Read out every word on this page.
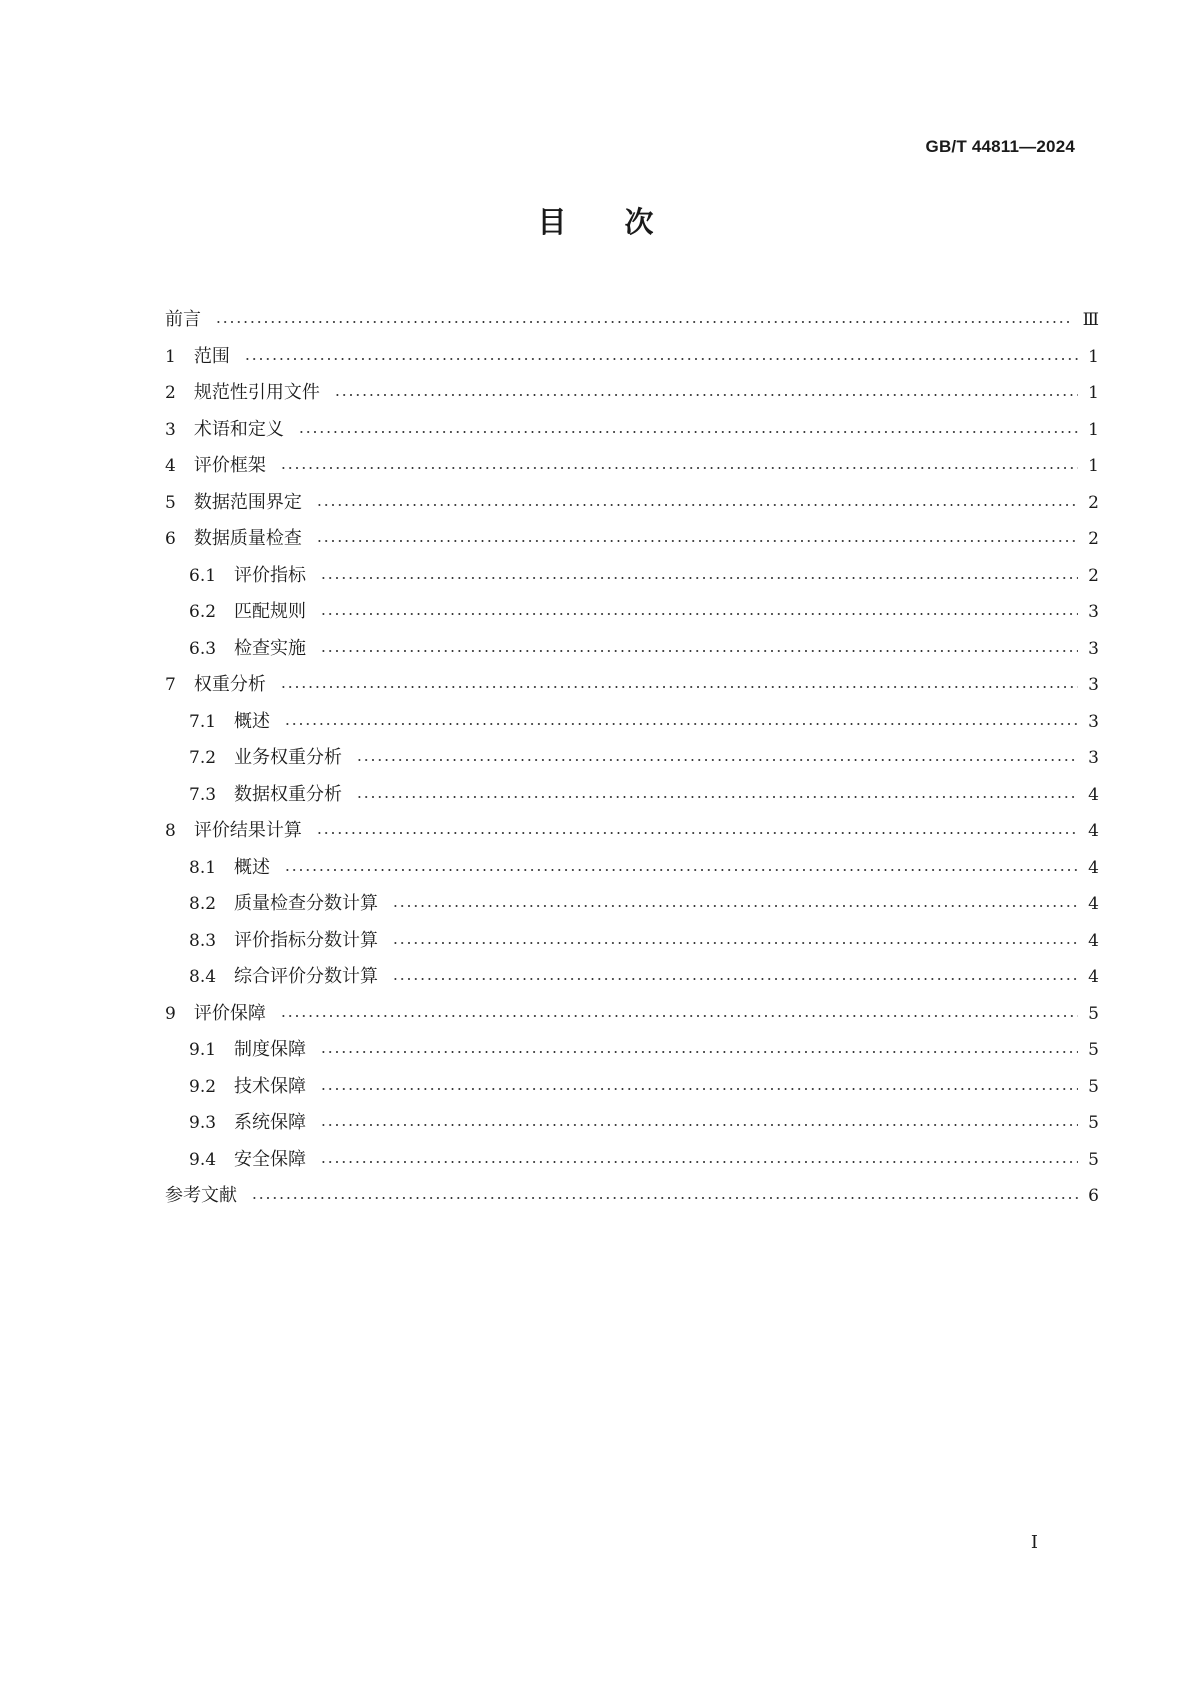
GB/T 44811—2024
目次
前言	Ⅲ
1 范围	1
2 规范性引用文件	1
3 术语和定义	1
4 评价框架	1
5 数据范围界定	2
6 数据质量检查	2
6.1 评价指标	2
6.2 匹配规则	3
6.3 检查实施	3
7 权重分析	3
7.1 概述	3
7.2 业务权重分析	3
7.3 数据权重分析	4
8 评价结果计算	4
8.1 概述	4
8.2 质量检查分数计算	4
8.3 评价指标分数计算	4
8.4 综合评价分数计算	4
9 评价保障	5
9.1 制度保障	5
9.2 技术保障	5
9.3 系统保障	5
9.4 安全保障	5
参考文献	6
Ⅰ
